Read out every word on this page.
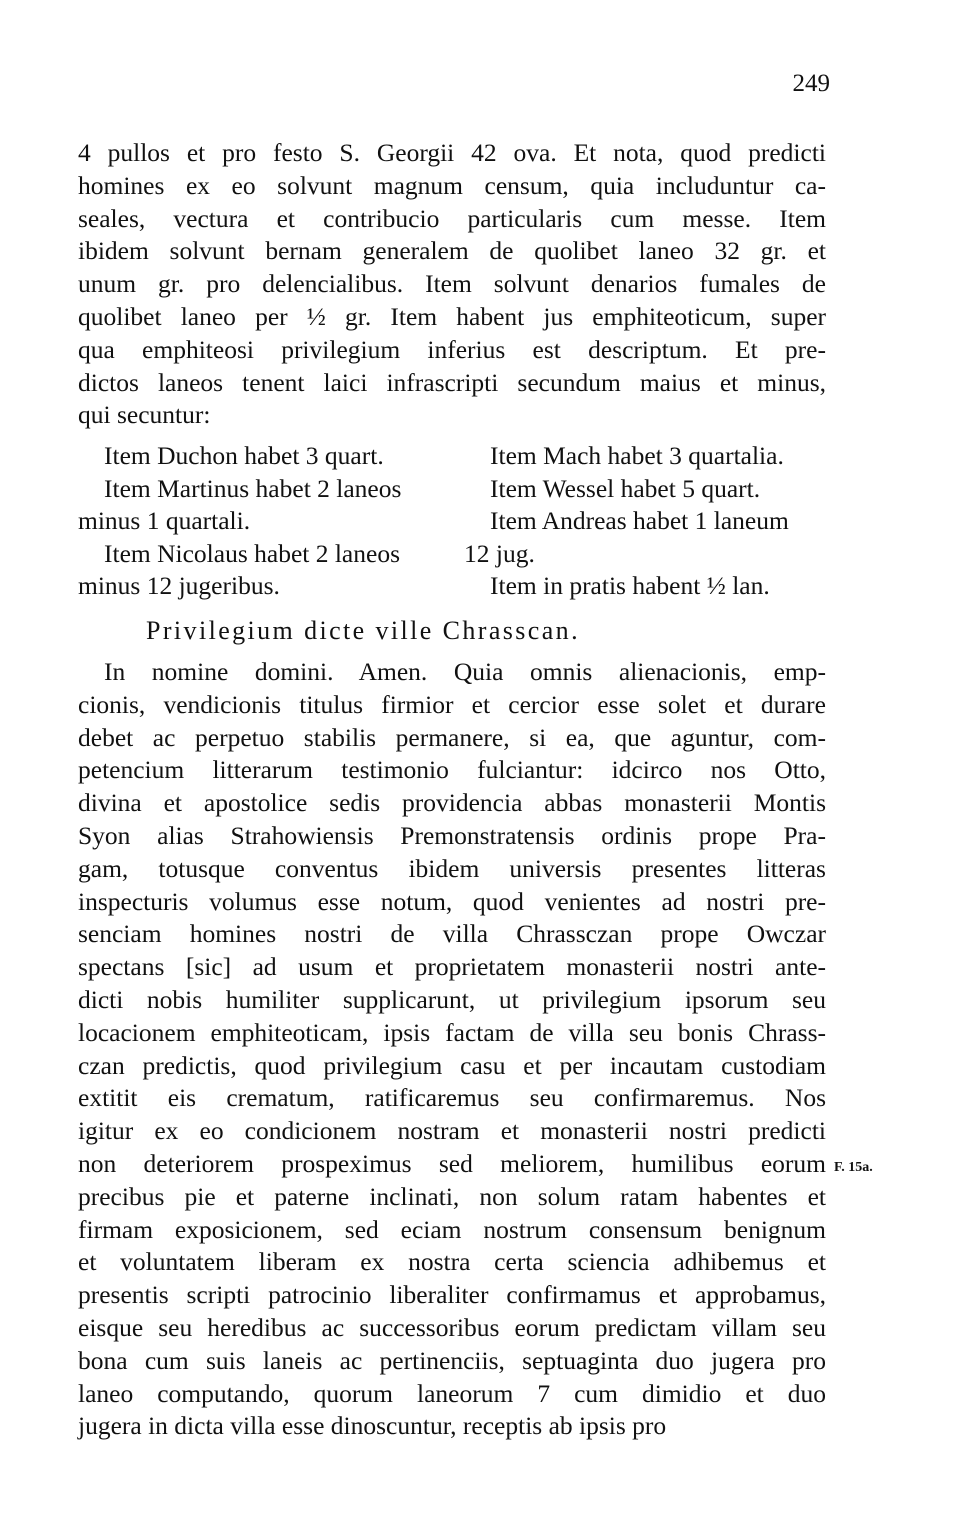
249
4 pullos et pro festo S. Georgii 42 ova. Et nota, quod predicti
homines ex eo solvunt magnum censum, quia includuntur ca-
seales, vectura et contribucio particularis cum messe. Item
ibidem solvunt bernam generalem de quolibet laneo 32 gr. et
unum gr. pro delencialibus. Item solvunt denarios fumales de
quolibet laneo per ½ gr. Item habent jus emphiteoticum, super
qua emphiteosi privilegium inferius est descriptum. Et pre-
dictos laneos tenent laici infrascripti secundum maius et minus,
qui secuntur:
Item Duchon habet 3 quart.
Item Martinus habet 2 laneos
minus 1 quartali.
Item Nicolaus habet 2 laneos
minus 12 jugeribus.
Item Mach habet 3 quartalia.
Item Wessel habet 5 quart.
Item Andreas habet 1 laneum
12 jug.
Item in pratis habent ½ lan.
Privilegium dicte ville Chrasscan.
In nomine domini. Amen. Quia omnis alienacionis, emp-
cionis, vendicionis titulus firmior et cercior esse solet et durare
debet ac perpetuo stabilis permanere, si ea, que aguntur, com-
petencium litterarum testimonio fulciantur: idcirco nos Otto,
divina et apostolice sedis providencia abbas monasterii Montis
Syon alias Strahowiensis Premonstratensis ordinis prope Pra-
gam, totusque conventus ibidem universis presentes litteras
inspecturis volumus esse notum, quod venientes ad nostri pre-
senciam homines nostri de villa Chrassczan prope Owczar
spectans [sic] ad usum et proprietatem monasterii nostri ante-
dicti nobis humiliter supplicarunt, ut privilegium ipsorum seu
locacionem emphiteoticam, ipsis factam de villa seu bonis Chrass-
czan predictis, quod privilegium casu et per incautam custodiam
extitit eis crematum, ratificaremus seu confirmaremus. Nos
igitur ex eo condicionem nostram et monasterii nostri predicti
non deteriorem prospeximus sed meliorem, humilibus eorum
precibus pie et paterne inclinati, non solum ratam habentes et
firmam exposicionem, sed eciam nostrum consensum benignum
et voluntatem liberam ex nostra certa sciencia adhibemus et
presentis scripti patrocinio liberaliter confirmamus et approbamus,
eisque seu heredibus ac successoribus eorum predictam villam seu
bona cum suis laneis ac pertinenciis, septuaginta duo jugera pro
laneo computando, quorum laneorum 7 cum dimidio et duo
jugera in dicta villa esse dinoscuntur, receptis ab ipsis pro
F. 15a.
